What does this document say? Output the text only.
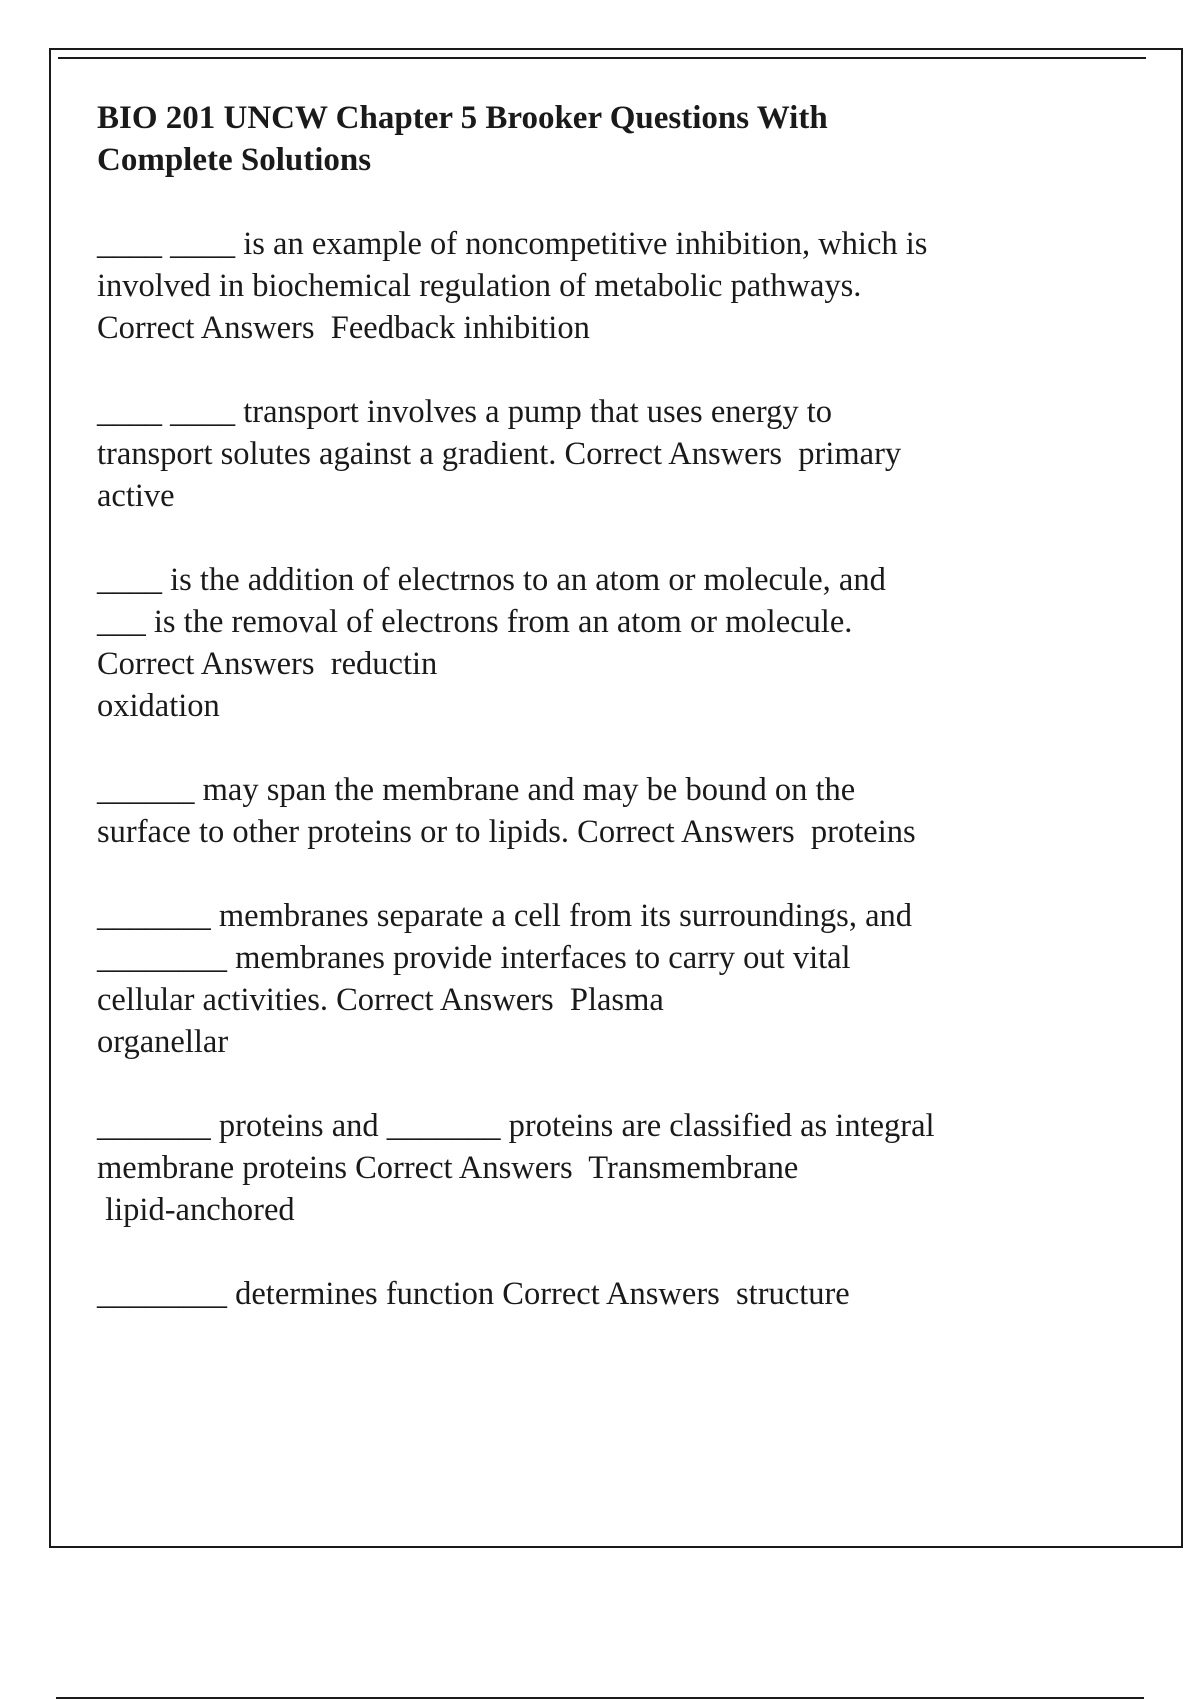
BIO 201 UNCW Chapter 5 Brooker Questions With
Complete Solutions
____ ____ is an example of noncompetitive inhibition, which is
involved in biochemical regulation of metabolic pathways.
Correct Answers  Feedback inhibition
____ ____ transport involves a pump that uses energy to
transport solutes against a gradient. Correct Answers  primary
active
____ is the addition of electrnos to an atom or molecule, and
___ is the removal of electrons from an atom or molecule.
Correct Answers  reductin
oxidation
______ may span the membrane and may be bound on the
surface to other proteins or to lipids. Correct Answers  proteins
_______ membranes separate a cell from its surroundings, and
________ membranes provide interfaces to carry out vital
cellular activities. Correct Answers  Plasma
organellar
_______ proteins and _______ proteins are classified as integral
membrane proteins Correct Answers  Transmembrane
lipid-anchored
________ determines function Correct Answers  structure
